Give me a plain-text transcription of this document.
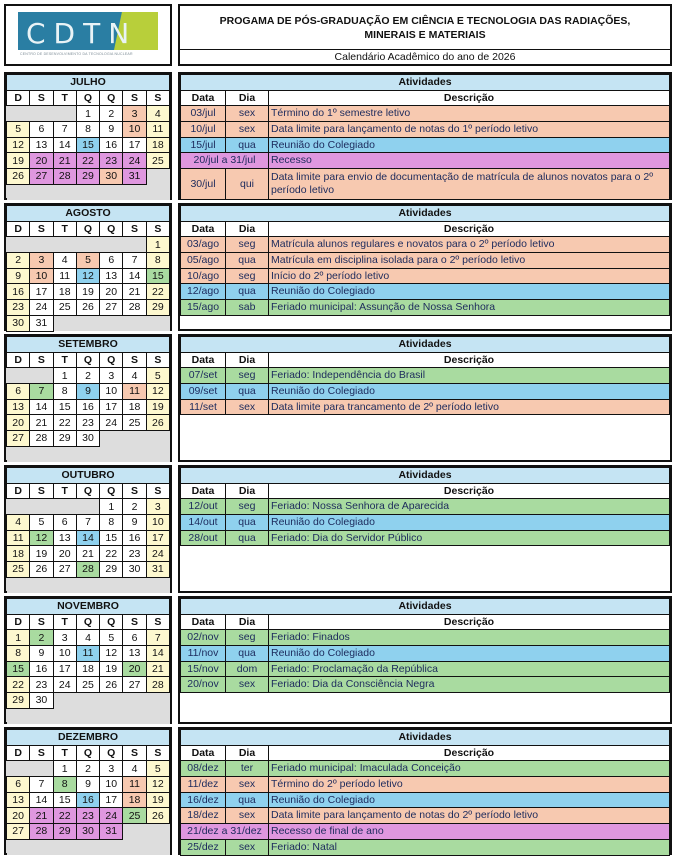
CDTN
CENTRO DE DESENVOLVIMENTO DA TECNOLOGIA NUCLEAR
PROGAMA DE PÓS-GRADUAÇÃO EM CIÊNCIA E TECNOLOGIA DAS RADIAÇÕES, MINERAIS E MATERIAIS
Calendário Acadêmico do ano de 2026
JULHO						
D	S	T	Q	Q	S	S
			1	2	3	4
5	6	7	8	9	10	11
12	13	14	15	16	17	18
19	20	21	22	23	24	25
26	27	28	29	30	31	

Atividades		
Data	Dia	Descrição
03/jul	sex	Término do 1º semestre letivo
10/jul	sex	Data limite para lançamento de notas do 1º período letivo
15/jul	qua	Reunião do Colegiado
20/jul a 31/jul		Recesso
30/jul	qui	Data limite para envio de documentação de matrícula de alunos novatos para o 2º período letivo
AGOSTO						
D	S	T	Q	Q	S	S
						1
2	3	4	5	6	7	8
9	10	11	12	13	14	15
16	17	18	19	20	21	22
23	24	25	26	27	28	29
30	31					
Atividades		
Data	Dia	Descrição
03/ago	seg	Matrícula alunos regulares e novatos para o 2º período letivo
05/ago	qua	Matrícula em disciplina isolada para o 2º período letivo
10/ago	seg	Início do 2º período letivo
12/ago	qua	Reunião do Colegiado
15/ago	sab	Feriado municipal: Assunção de Nossa Senhora
SETEMBRO						
D	S	T	Q	Q	S	S
		1	2	3	4	5
6	7	8	9	10	11	12
13	14	15	16	17	18	19
20	21	22	23	24	25	26
27	28	29	30			

Atividades		
Data	Dia	Descrição
07/set	seg	Feriado: Independência do Brasil
09/set	qua	Reunião do Colegiado
11/set	sex	Data limite para trancamento de 2º período letivo
OUTUBRO						
D	S	T	Q	Q	S	S
				1	2	3
4	5	6	7	8	9	10
11	12	13	14	15	16	17
18	19	20	21	22	23	24
25	26	27	28	29	30	31

Atividades		
Data	Dia	Descrição
12/out	seg	Feriado: Nossa Senhora de Aparecida
14/out	qua	Reunião do Colegiado
28/out	qua	Feriado: Dia do Servidor Público
NOVEMBRO						
D	S	T	Q	Q	S	S
1	2	3	4	5	6	7
8	9	10	11	12	13	14
15	16	17	18	19	20	21
22	23	24	25	26	27	28
29	30					

Atividades		
Data	Dia	Descrição
02/nov	seg	Feriado: Finados
11/nov	qua	Reunião do Colegiado
15/nov	dom	Feriado: Proclamação da República
20/nov	sex	Feriado: Dia da Consciência Negra
DEZEMBRO						
D	S	T	Q	Q	S	S
		1	2	3	4	5
6	7	8	9	10	11	12
13	14	15	16	17	18	19
20	21	22	23	24	25	26
27	28	29	30	31		

Atividades		
Data	Dia	Descrição
08/dez	ter	Feriado municipal: Imaculada Conceição
11/dez	sex	Término do 2º período letivo
16/dez	qua	Reunião do Colegiado
18/dez	sex	Data limite para lançamento de notas do 2º período letivo
21/dez a 31/dez		Recesso de final de ano
25/dez	sex	Feriado: Natal
